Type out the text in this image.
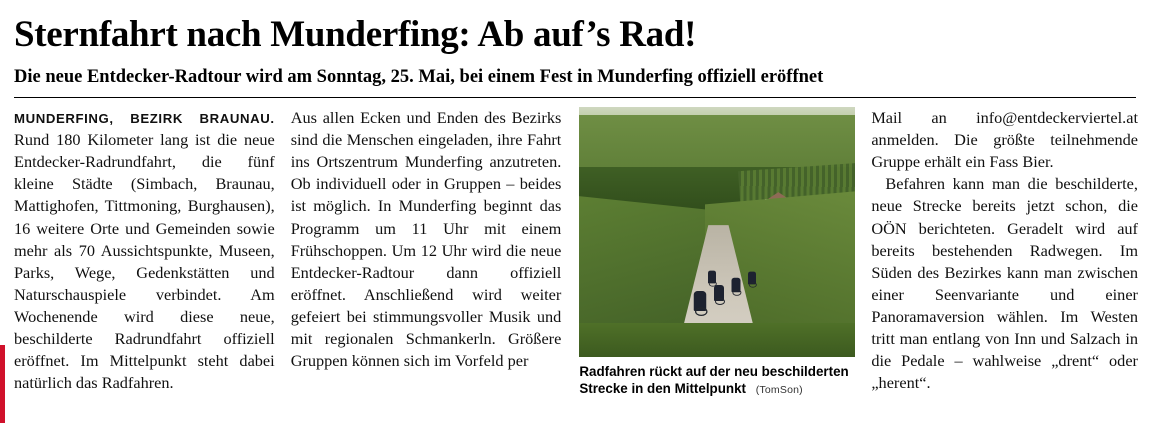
Sternfahrt nach Munderfing: Ab auf’s Rad!
Die neue Entdecker-Radtour wird am Sonntag, 25. Mai, bei einem Fest in Munderfing offiziell eröffnet
MUNDERFING, BEZIRK BRAUNAU. Rund 180 Kilometer lang ist die neue Entdecker-Radrundfahrt, die fünf kleine Städte (Simbach, Braunau, Mattighofen, Tittmoning, Burghausen), 16 weitere Orte und Gemeinden sowie mehr als 70 Aussichtspunkte, Museen, Parks, Wege, Gedenkstätten und Naturschauspiele verbindet. Am Wochenende wird diese neue, beschilderte Radrundfahrt offiziell eröffnet. Im Mittelpunkt steht dabei natürlich das Radfahren.
Aus allen Ecken und Enden des Bezirks sind die Menschen eingeladen, ihre Fahrt ins Ortszentrum Munderfing anzutreten. Ob individuell oder in Gruppen – beides ist möglich. In Munderfing beginnt das Programm um 11 Uhr mit einem Frühschoppen. Um 12 Uhr wird die neue Entdecker-Radtour dann offiziell eröffnet. Anschließend wird weiter gefeiert bei stimmungsvoller Musik und mit regionalen Schmankerln. Größere Gruppen können sich im Vorfeld per
Radfahren rückt auf der neu beschilderten Strecke in den Mittelpunkt (TomSon)
Mail an info@entdeckerviertel.at anmelden. Die größte teilnehmende Gruppe erhält ein Fass Bier.
Befahren kann man die beschilderte, neue Strecke bereits jetzt schon, die OÖN berichteten. Geradelt wird auf bereits bestehenden Radwegen. Im Süden des Bezirkes kann man zwischen einer Seenvariante und einer Panoramaversion wählen. Im Westen tritt man entlang von Inn und Salzach in die Pedale – wahlweise „drent“ oder „herent“.
